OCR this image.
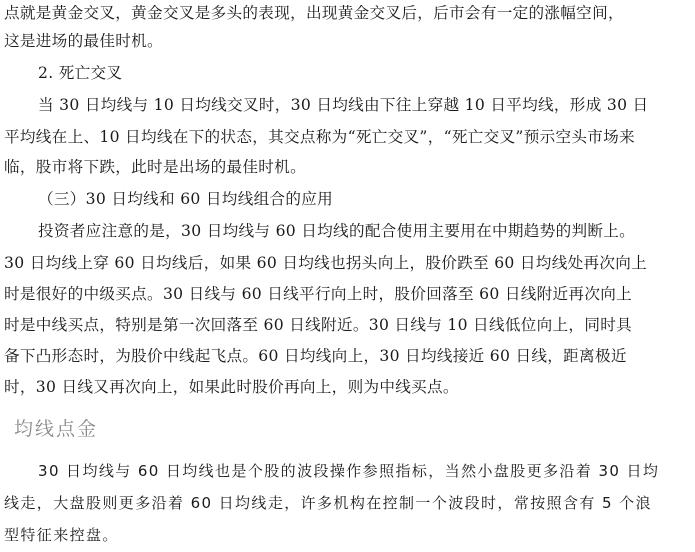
点就是黄金交叉，黄金交叉是多头的表现，出现黄金交叉后，后市会有一定的涨幅空间，
这是进场的最佳时机。
2. 死亡交叉
当 30 日均线与 10 日均线交叉时，30 日均线由下往上穿越 10 日平均线，形成 30 日
平均线在上、10 日均线在下的状态，其交点称为“死亡交叉”，“死亡交叉”预示空头市场来
临，股市将下跌，此时是出场的最佳时机。
（三）30 日均线和 60 日均线组合的应用
投资者应注意的是，30 日均线与 60 日均线的配合使用主要用在中期趋势的判断上。
30 日均线上穿 60 日均线后，如果 60 日均线也拐头向上，股价跌至 60 日均线处再次向上
时是很好的中级买点。30 日线与 60 日线平行向上时，股价回落至 60 日线附近再次向上
时是中线买点，特别是第一次回落至 60 日线附近。30 日线与 10 日线低位向上，同时具
备下凸形态时，为股价中线起飞点。60 日均线向上，30 日均线接近 60 日线，距离极近
时，30 日线又再次向上，如果此时股价再向上，则为中线买点。
均线点金
30 日均线与 60 日均线也是个股的波段操作参照指标，当然小盘股更多沿着 30 日均
线走，大盘股则更多沿着 60 日均线走，许多机构在控制一个波段时，常按照含有 5 个浪
型特征来控盘。
